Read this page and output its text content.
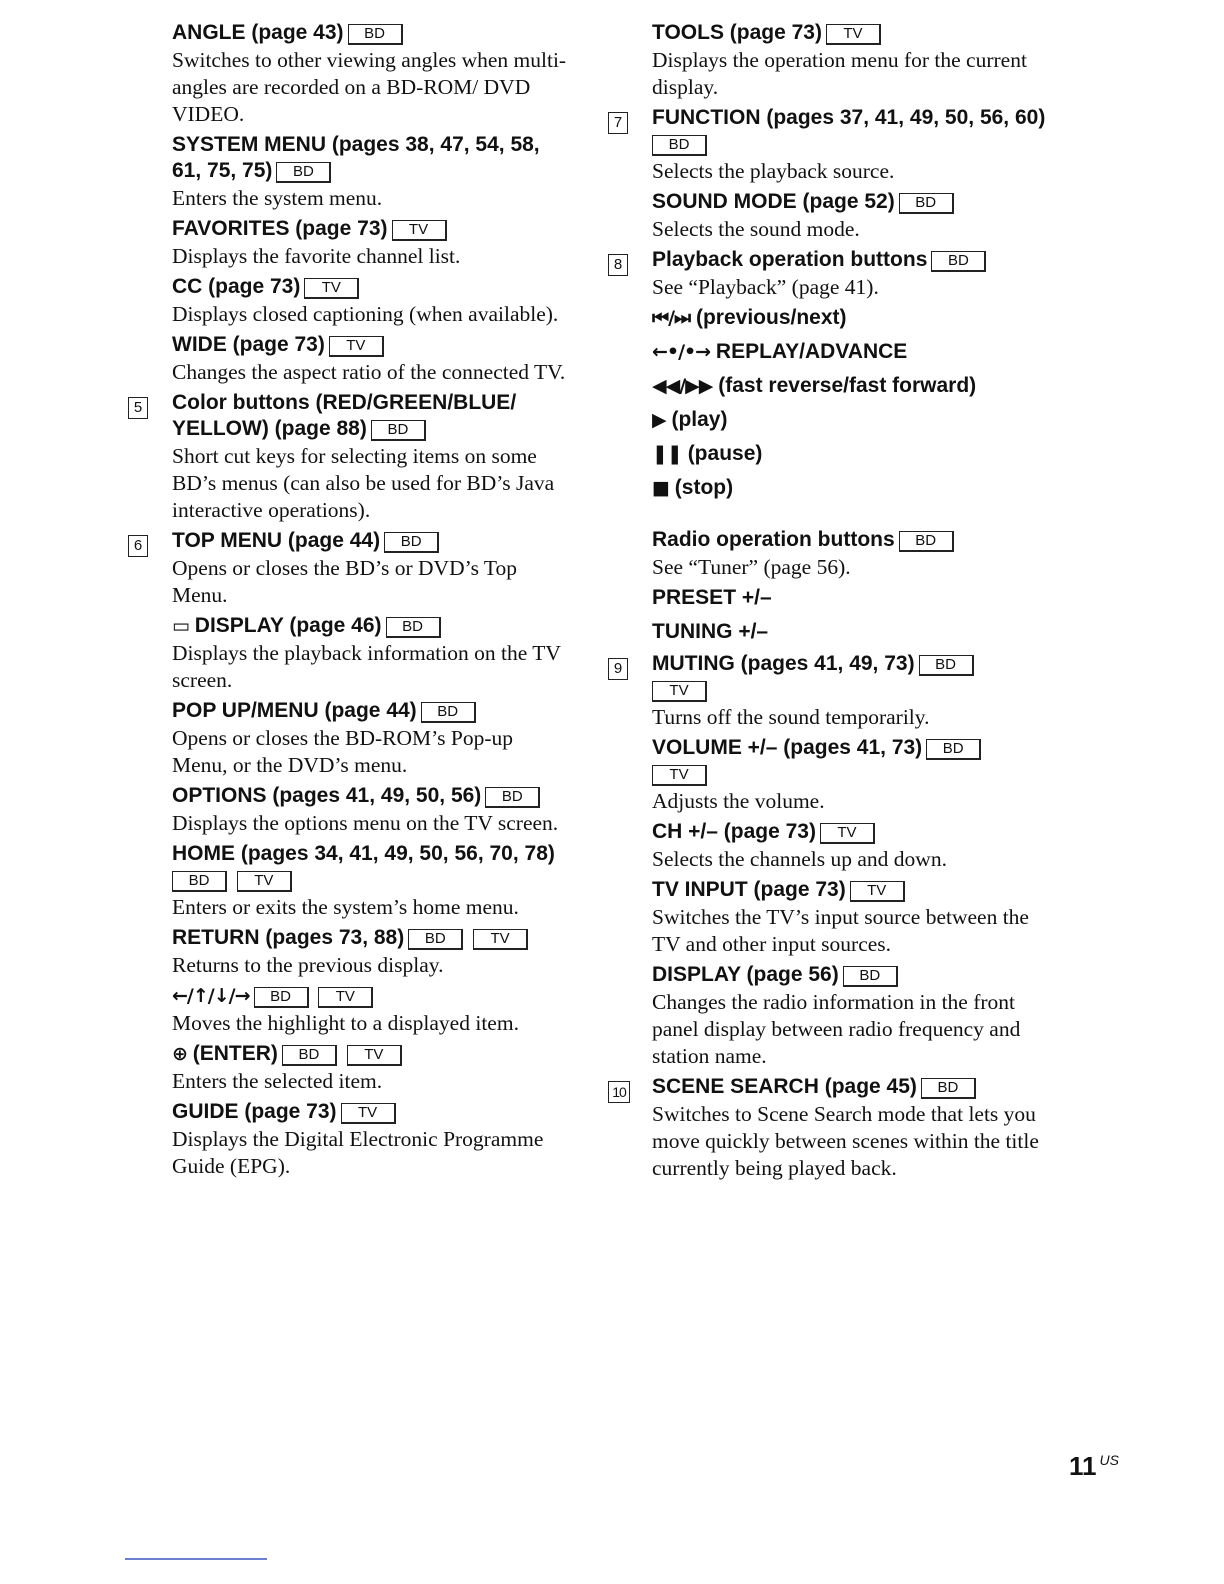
ANGLE (page 43) BD
Switches to other viewing angles when multi-angles are recorded on a BD-ROM/ DVD VIDEO.
SYSTEM MENU (pages 38, 47, 54, 58, 61, 75, 75) BD
Enters the system menu.
FAVORITES (page 73) TV
Displays the favorite channel list.
CC (page 73) TV
Displays closed captioning (when available).
WIDE (page 73) TV
Changes the aspect ratio of the connected TV.
5 Color buttons (RED/GREEN/BLUE/ YELLOW) (page 88) BD
Short cut keys for selecting items on some BD’s menus (can also be used for BD’s Java interactive operations).
6 TOP MENU (page 44) BD
Opens or closes the BD’s or DVD’s Top Menu.
▭ DISPLAY (page 46) BD
Displays the playback information on the TV screen.
POP UP/MENU (page 44) BD
Opens or closes the BD-ROM’s Pop-up Menu, or the DVD’s menu.
OPTIONS (pages 41, 49, 50, 56) BD
Displays the options menu on the TV screen.
HOME (pages 34, 41, 49, 50, 56, 70, 78)
BD	TV
Enters or exits the system’s home menu.
RETURN (pages 73, 88) BD	TV
Returns to the previous display.
←/↑/↓/→ BD	TV
Moves the highlight to a displayed item.
⊕ (ENTER) BD	TV
Enters the selected item.
GUIDE (page 73) TV
Displays the Digital Electronic Programme Guide (EPG).
TOOLS (page 73) TV
Displays the operation menu for the current display.
7 FUNCTION (pages 37, 41, 49, 50, 56, 60)
BD
Selects the playback source.
SOUND MODE (page 52) BD
Selects the sound mode.
8 Playback operation buttons BD
See “Playback” (page 41).
⏮/⏭ (previous/next)
←•/•→ REPLAY/ADVANCE
◀◀/▶▶ (fast reverse/fast forward)
▶ (play)
❚❚ (pause)
■ (stop)
Radio operation buttons BD
See “Tuner” (page 56).
PRESET +/–
TUNING +/–
9 MUTING (pages 41, 49, 73) BD
TV
Turns off the sound temporarily.
VOLUME +/– (pages 41, 73) BD
TV
Adjusts the volume.
CH +/– (page 73) TV
Selects the channels up and down.
TV INPUT (page 73) TV
Switches the TV’s input source between the TV and other input sources.
DISPLAY (page 56) BD
Changes the radio information in the front panel display between radio frequency and station name.
10 SCENE SEARCH (page 45) BD
Switches to Scene Search mode that lets you move quickly between scenes within the title currently being played back.
11 $^{US}$
